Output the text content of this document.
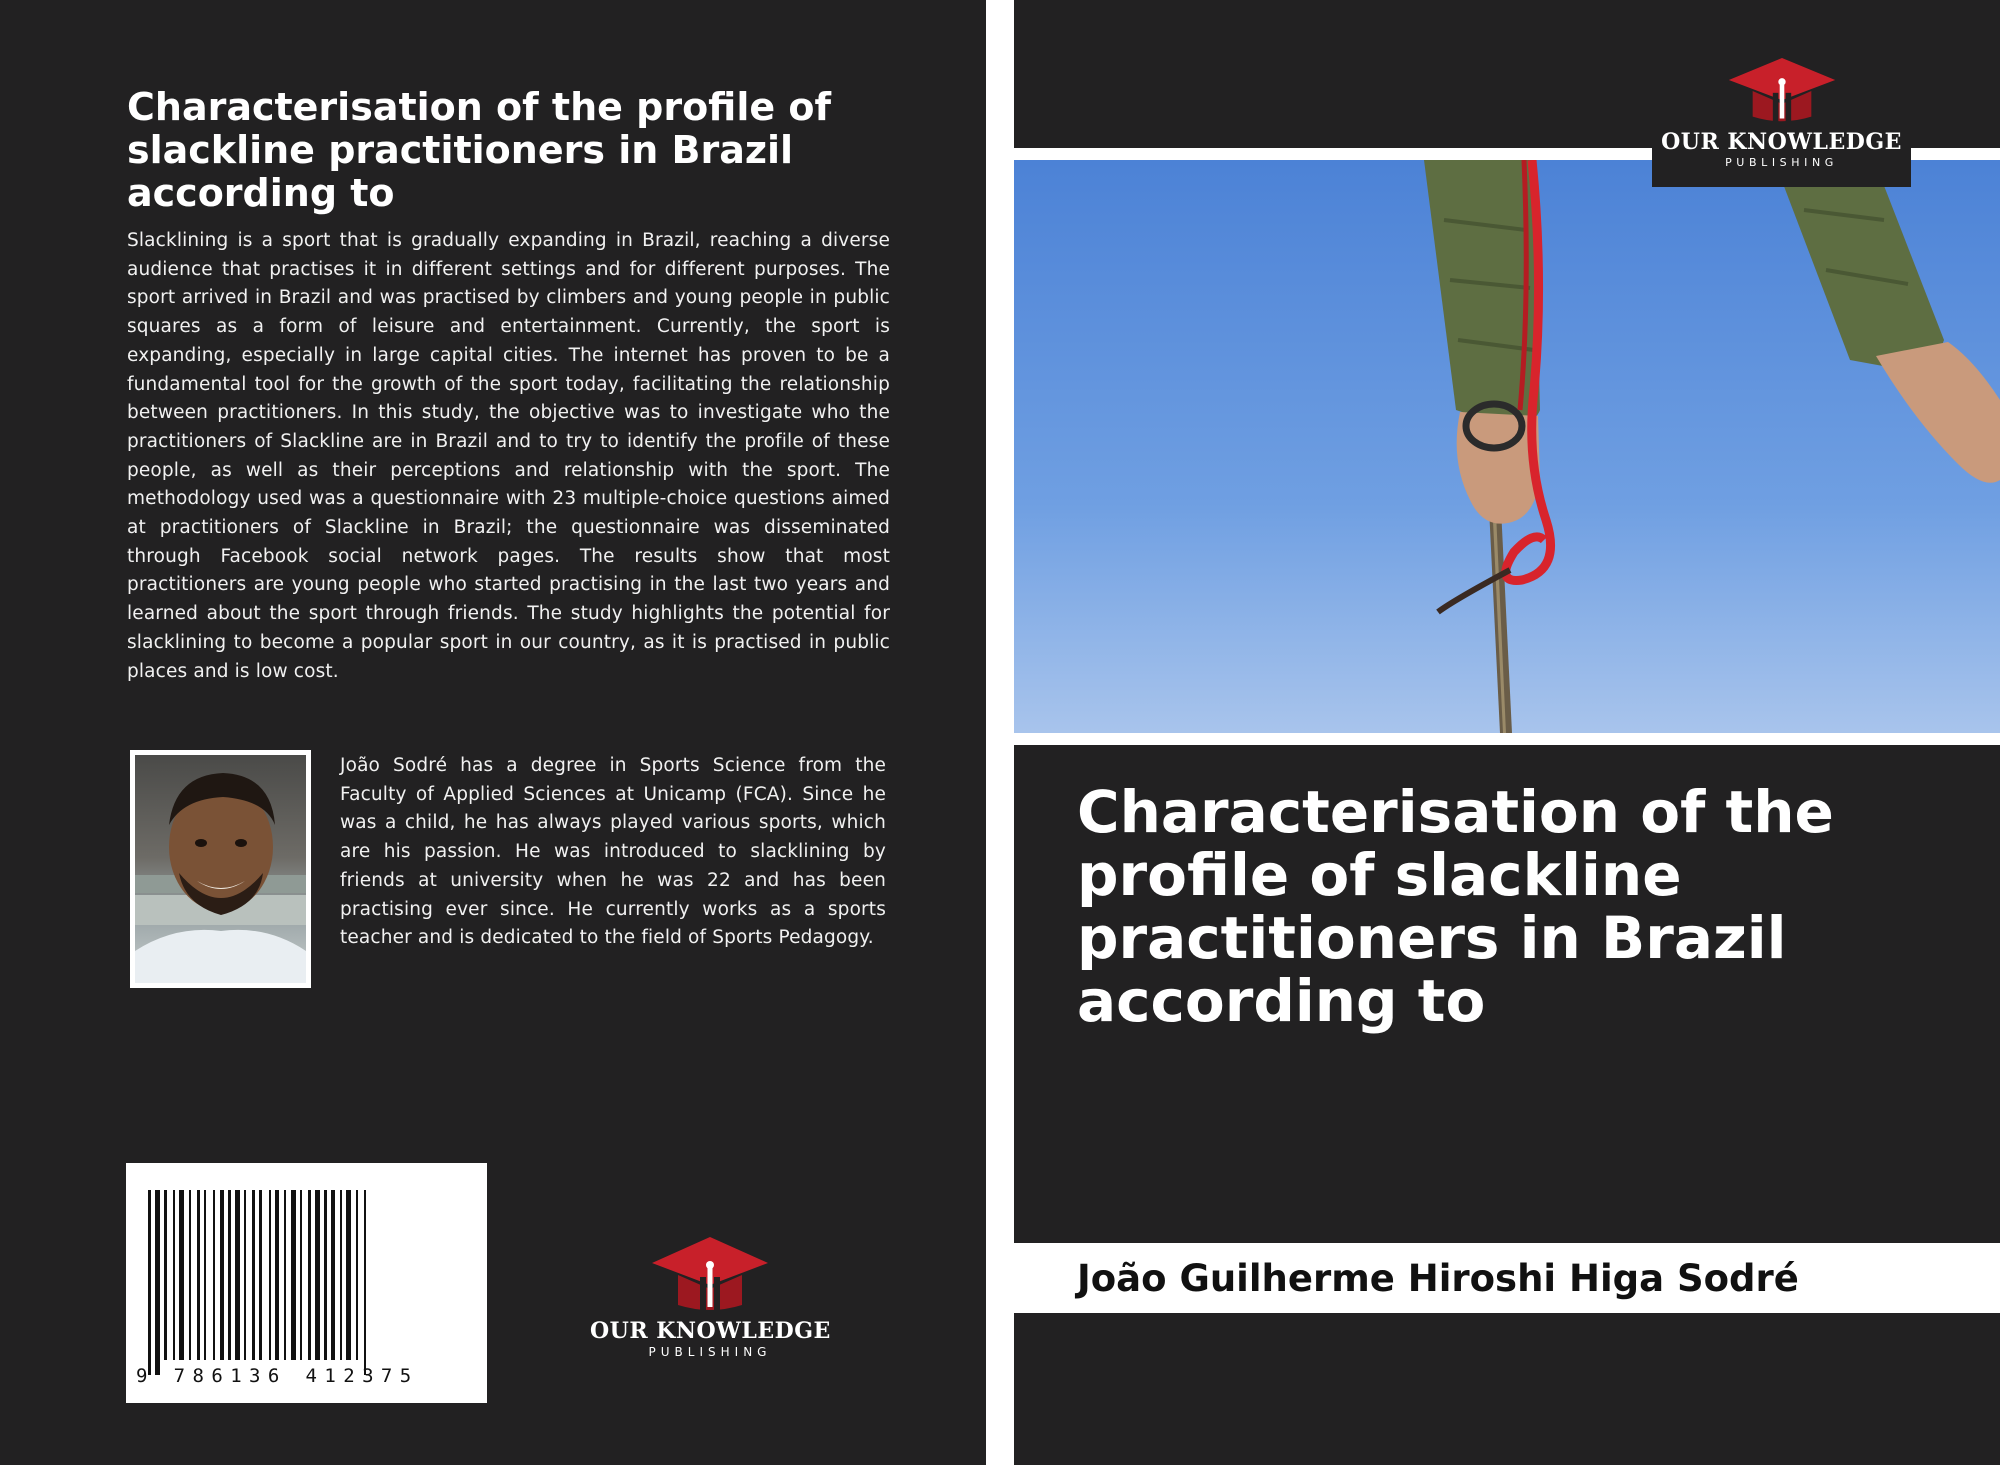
Characterisation of the profile of slackline practitioners in Brazil according to

Slacklining is a sport that is gradually expanding in Brazil, reaching a diverse audience that practises it in different settings and for different purposes. The sport arrived in Brazil and was practised by climbers and young people in public squares as a form of leisure and entertainment. Currently, the sport is expanding, especially in large capital cities. The internet has proven to be a fundamental tool for the growth of the sport today, facilitating the relationship between practitioners. In this study, the objective was to investigate who the practitioners of Slackline are in Brazil and to try to identify the profile of these people, as well as their perceptions and relationship with the sport. The methodology used was a questionnaire with 23 multiple-choice questions aimed at practitioners of Slackline in Brazil; the questionnaire was disseminated through Facebook social network pages. The results show that most practitioners are young people who started practising in the last two years and learned about the sport through friends. The study highlights the potential for slacklining to become a popular sport in our country, as it is practised in public places and is low cost.

João Sodré has a degree in Sports Science from the Faculty of Applied Sciences at Unicamp (FCA). Since he was a child, he has always played various sports, which are his passion. He was introduced to slacklining by friends at university when he was 22 and has been practising ever since. He currently works as a sports teacher and is dedicated to the field of Sports Pedagogy.

9 786136 412375
OUR KNOWLEDGE
PUBLISHING
Characterisation of the profile of slackline practitioners in Brazil according to

João Guilherme Hiroshi Higa Sodré

OUR KNOWLEDGE
PUBLISHING
